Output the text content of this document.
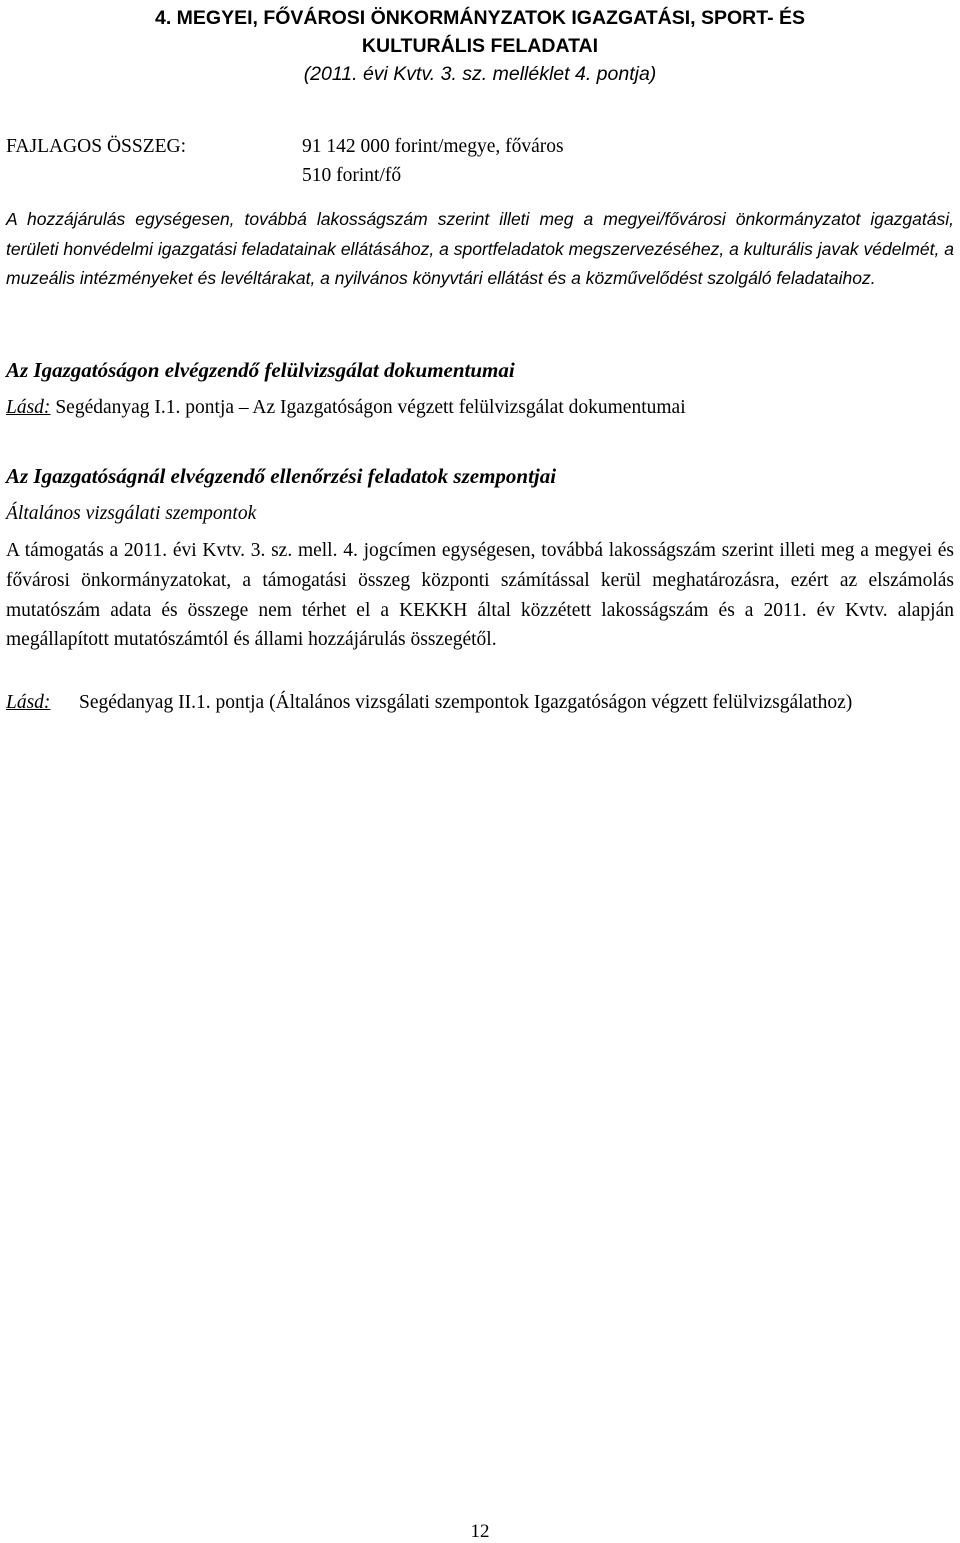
4. MEGYEI, FŐVÁROSI ÖNKORMÁNYZATOK IGAZGATÁSI, SPORT- ÉS
KULTURÁLIS FELADATAI
(2011. évi Kvtv. 3. sz. melléklet 4. pontja)
FAJLAGOS ÖSSZEG:	91 142 000 forint/megye, főváros
510 forint/fő
A hozzájárulás egységesen, továbbá lakosságszám szerint illeti meg a megyei/fővárosi önkormányzatot igazgatási, területi honvédelmi igazgatási feladatainak ellátásához, a sportfeladatok megszervezéséhez, a kulturális javak védelmét, a muzeális intézményeket és levéltárakat, a nyilvános könyvtári ellátást és a közművelődést szolgáló feladataihoz.
Az Igazgatóságon elvégzendő felülvizsgálat dokumentumai
Lásd: Segédanyag I.1. pontja – Az Igazgatóságon végzett felülvizsgálat dokumentumai
Az Igazgatóságnál elvégzendő ellenőrzési feladatok szempontjai
Általános vizsgálati szempontok
A támogatás a 2011. évi Kvtv. 3. sz. mell. 4. jogcímen egységesen, továbbá lakosságszám szerint illeti meg a megyei és fővárosi önkormányzatokat, a támogatási összeg központi számítással kerül meghatározásra, ezért az elszámolás mutatószám adata és összege nem térhet el a KEKKH által közzétett lakosságszám és a 2011. év Kvtv. alapján megállapított mutatószámtól és állami hozzájárulás összegétől.
Lásd: Segédanyag II.1. pontja (Általános vizsgálati szempontok Igazgatóságon végzett felülvizsgálathoz)
12
